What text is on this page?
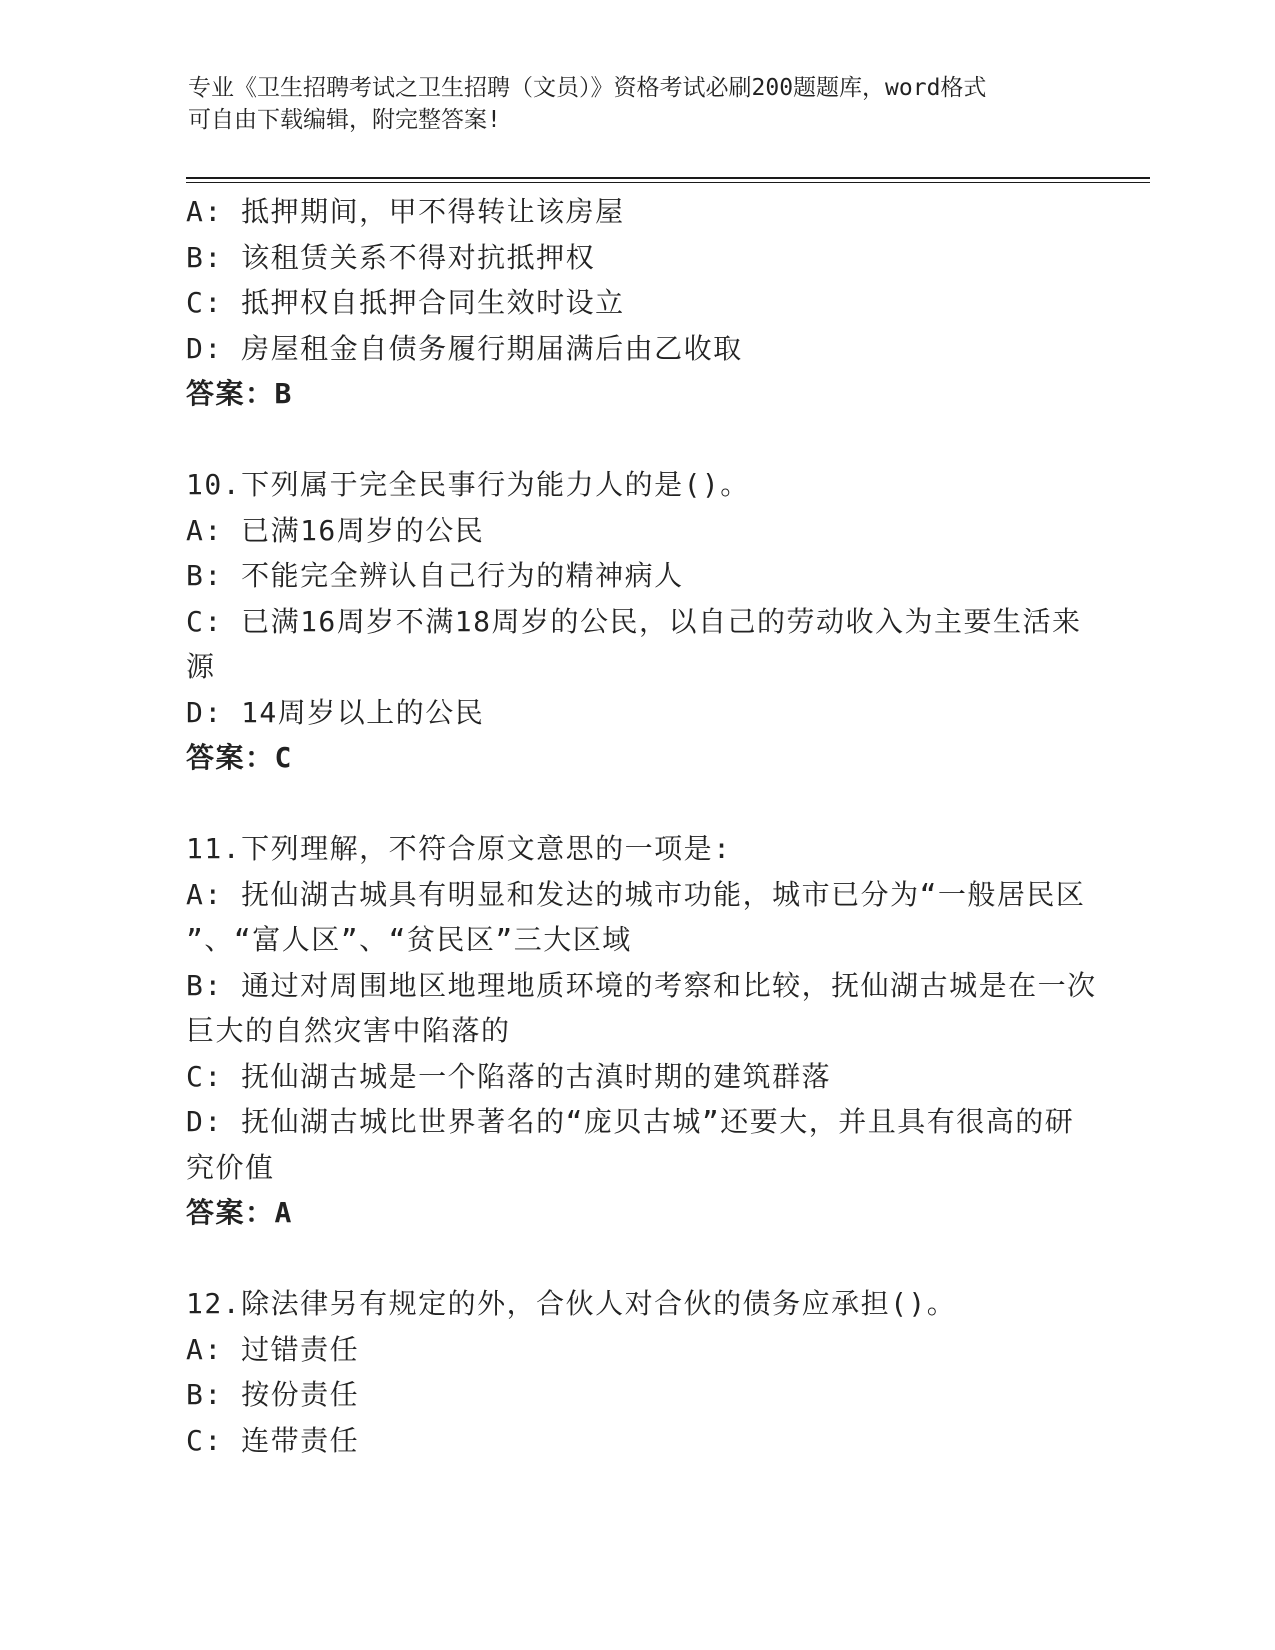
专业《卫生招聘考试之卫生招聘（文员）》资格考试必刷200题题库，word格式
可自由下载编辑，附完整答案!
A: 抵押期间，甲不得转让该房屋
B: 该租赁关系不得对抗抵押权
C: 抵押权自抵押合同生效时设立
D: 房屋租金自债务履行期届满后由乙收取
答案：B
10.下列属于完全民事行为能力人的是()。
A: 已满16周岁的公民
B: 不能完全辨认自己行为的精神病人
C: 已满16周岁不满18周岁的公民，以自己的劳动收入为主要生活来
源
D: 14周岁以上的公民
答案：C
11.下列理解，不符合原文意思的一项是:
A: 抚仙湖古城具有明显和发达的城市功能，城市已分为“一般居民区
”、“富人区”、“贫民区”三大区域
B: 通过对周围地区地理地质环境的考察和比较，抚仙湖古城是在一次
巨大的自然灾害中陷落的
C: 抚仙湖古城是一个陷落的古滇时期的建筑群落
D: 抚仙湖古城比世界著名的“庞贝古城”还要大，并且具有很高的研
究价值
答案：A
12.除法律另有规定的外，合伙人对合伙的债务应承担()。
A: 过错责任
B: 按份责任
C: 连带责任
